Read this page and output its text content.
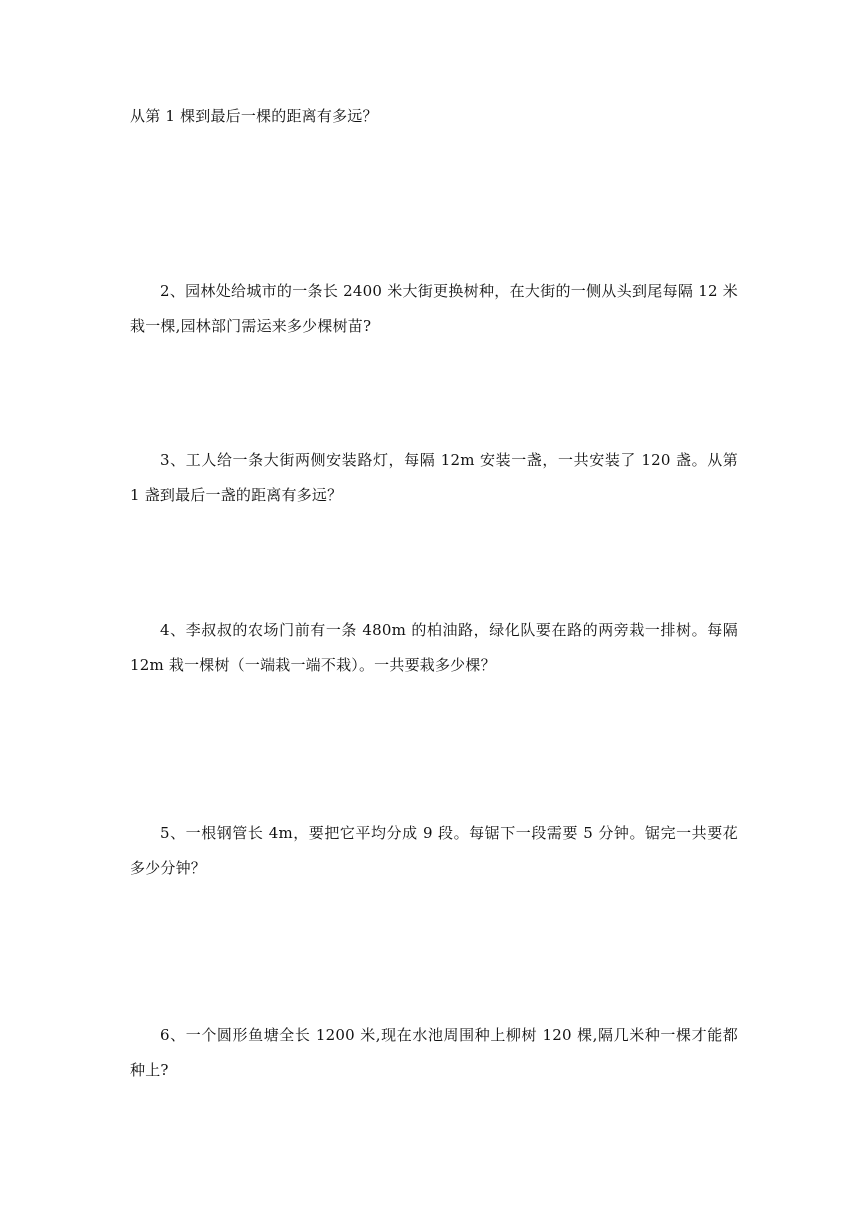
从第 1 棵到最后一棵的距离有多远？

2、园林处给城市的一条长 2400 米大街更换树种，在大街的一侧从头到尾每隔 12 米栽一棵,园林部门需运来多少棵树苗?

3、工人给一条大街两侧安装路灯，每隔 12m 安装一盏，一共安装了 120 盏。从第 1 盏到最后一盏的距离有多远？

4、李叔叔的农场门前有一条 480m 的柏油路，绿化队要在路的两旁栽一排树。每隔 12m 栽一棵树（一端栽一端不栽）。一共要栽多少棵？

5、一根钢管长 4m，要把它平均分成 9 段。每锯下一段需要 5 分钟。锯完一共要花多少分钟？

6、一个圆形鱼塘全长 1200 米,现在水池周围种上柳树 120 棵,隔几米种一棵才能都种上?
